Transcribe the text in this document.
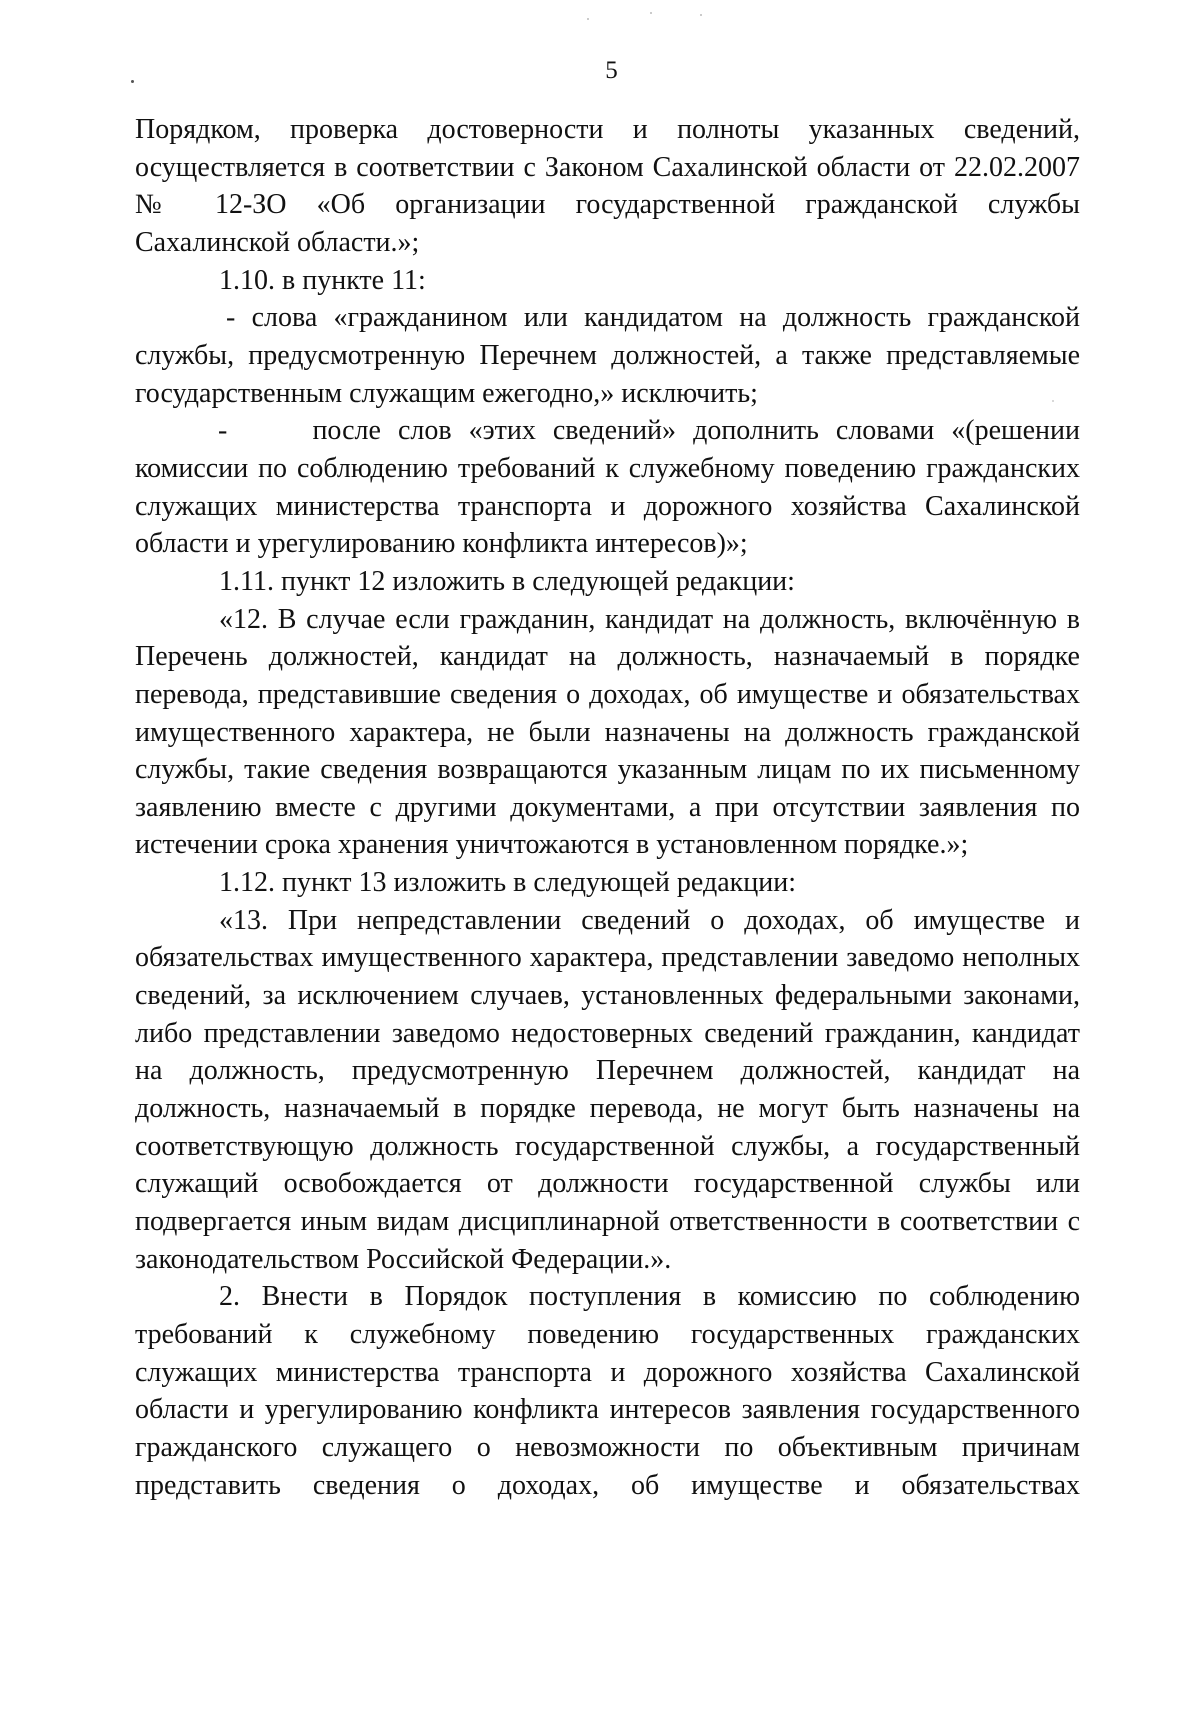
5

Порядком, проверка достоверности и полноты указанных сведений, осуществляется в соответствии с Законом Сахалинской области от 22.02.2007 № 12-ЗО «Об организации государственной гражданской службы Сахалинской области.»;

1.10. в пункте 11:

- слова «гражданином или кандидатом на должность гражданской службы, предусмотренную Перечнем должностей, а также представляемые государственным служащим ежегодно,» исключить;

-     после слов «этих сведений» дополнить словами «(решении комиссии по соблюдению требований к служебному поведению гражданских служащих министерства транспорта и дорожного хозяйства Сахалинской области и урегулированию конфликта интересов)»;

1.11. пункт 12 изложить в следующей редакции:

«12. В случае если гражданин, кандидат на должность, включённую в Перечень должностей, кандидат на должность, назначаемый в порядке перевода, представившие сведения о доходах, об имуществе и обязательствах имущественного характера, не были назначены на должность гражданской службы, такие сведения возвращаются указанным лицам по их письменному заявлению вместе с другими документами, а при отсутствии заявления по истечении срока хранения уничтожаются в установленном порядке.»;

1.12. пункт 13 изложить в следующей редакции:

«13. При непредставлении сведений о доходах, об имуществе и обязательствах имущественного характера, представлении заведомо неполных сведений, за исключением случаев, установленных федеральными законами, либо представлении заведомо недостоверных сведений гражданин, кандидат на должность, предусмотренную Перечнем должностей, кандидат на должность, назначаемый в порядке перевода, не могут быть назначены на соответствующую должность государственной службы, а государственный служащий освобождается от должности государственной службы или подвергается иным видам дисциплинарной ответственности в соответствии с законодательством Российской Федерации.».

2. Внести в Порядок поступления в комиссию по соблюдению требований к служебному поведению государственных гражданских служащих министерства транспорта и дорожного хозяйства Сахалинской области и урегулированию конфликта интересов заявления государственного гражданского служащего о невозможности по объективным причинам представить сведения о доходах, об имуществе и обязательствах
